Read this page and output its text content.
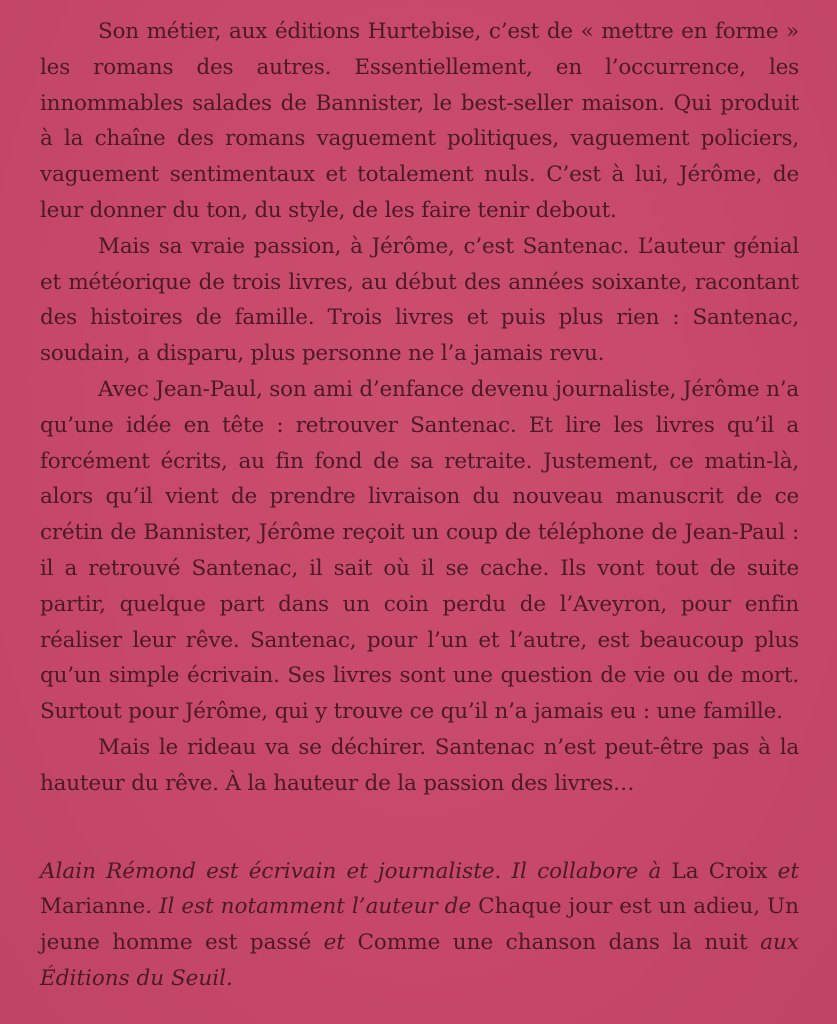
Son métier, aux éditions Hurtebise, c’est de « mettre en forme » les romans des autres. Essentiellement, en l’occurrence, les innommables salades de Bannister, le best-seller maison. Qui produit à la chaîne des romans vaguement politiques, vaguement policiers, vaguement sentimentaux et totalement nuls. C’est à lui, Jérôme, de leur donner du ton, du style, de les faire tenir debout.

Mais sa vraie passion, à Jérôme, c’est Santenac. L’auteur génial et météorique de trois livres, au début des années soixante, racontant des histoires de famille. Trois livres et puis plus rien : Santenac, soudain, a disparu, plus personne ne l’a jamais revu.

Avec Jean-Paul, son ami d’enfance devenu journaliste, Jérôme n’a qu’une idée en tête : retrouver Santenac. Et lire les livres qu’il a forcément écrits, au fin fond de sa retraite. Justement, ce matin-là, alors qu’il vient de prendre livraison du nouveau manuscrit de ce crétin de Bannister, Jérôme reçoit un coup de téléphone de Jean-Paul : il a retrouvé Santenac, il sait où il se cache. Ils vont tout de suite partir, quelque part dans un coin perdu de l’Aveyron, pour enfin réaliser leur rêve. Santenac, pour l’un et l’autre, est beaucoup plus qu’un simple écrivain. Ses livres sont une question de vie ou de mort. Surtout pour Jérôme, qui y trouve ce qu’il n’a jamais eu : une famille.

Mais le rideau va se déchirer. Santenac n’est peut-être pas à la hauteur du rêve. À la hauteur de la passion des livres…

Alain Rémond est écrivain et journaliste. Il collabore à La Croix et Marianne. Il est notamment l’auteur de Chaque jour est un adieu, Un jeune homme est passé et Comme une chanson dans la nuit aux Éditions du Seuil.
